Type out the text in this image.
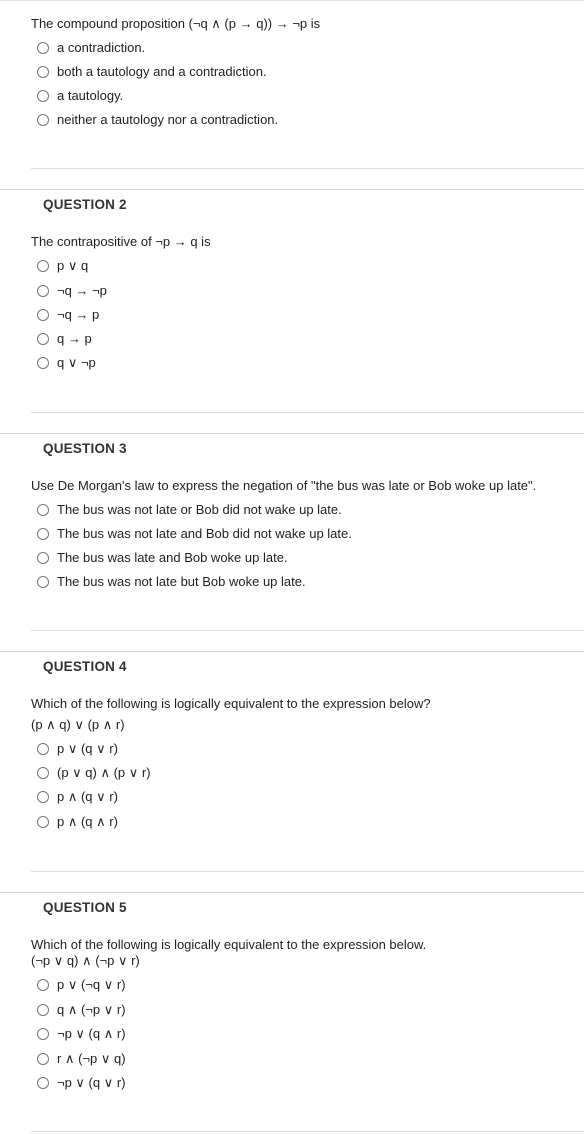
The compound proposition (¬q ∧ (p → q)) → ¬p is
a contradiction.
both a tautology and a contradiction.
a tautology.
neither a tautology nor a contradiction.
QUESTION 2
The contrapositive of ¬p → q is
p ∨ q
¬q → ¬p
¬q → p
q → p
q ∨ ¬p
QUESTION 3
Use De Morgan's law to express the negation of "the bus was late or Bob woke up late".
The bus was not late or Bob did not wake up late.
The bus was not late and Bob did not wake up late.
The bus was late and Bob woke up late.
The bus was not late but Bob woke up late.
QUESTION 4
Which of the following is logically equivalent to the expression below?
(p ∧ q) ∨ (p ∧ r)
p ∨ (q ∨ r)
(p ∨ q) ∧ (p ∨ r)
p ∧ (q ∨ r)
p ∧ (q ∧ r)
QUESTION 5
Which of the following is logically equivalent to the expression below.
(¬p ∨ q) ∧ (¬p ∨ r)
p ∨ (¬q ∨ r)
q ∧ (¬p ∨ r)
¬p ∨ (q ∧ r)
r ∧ (¬p ∨ q)
¬p ∨ (q ∨ r)
